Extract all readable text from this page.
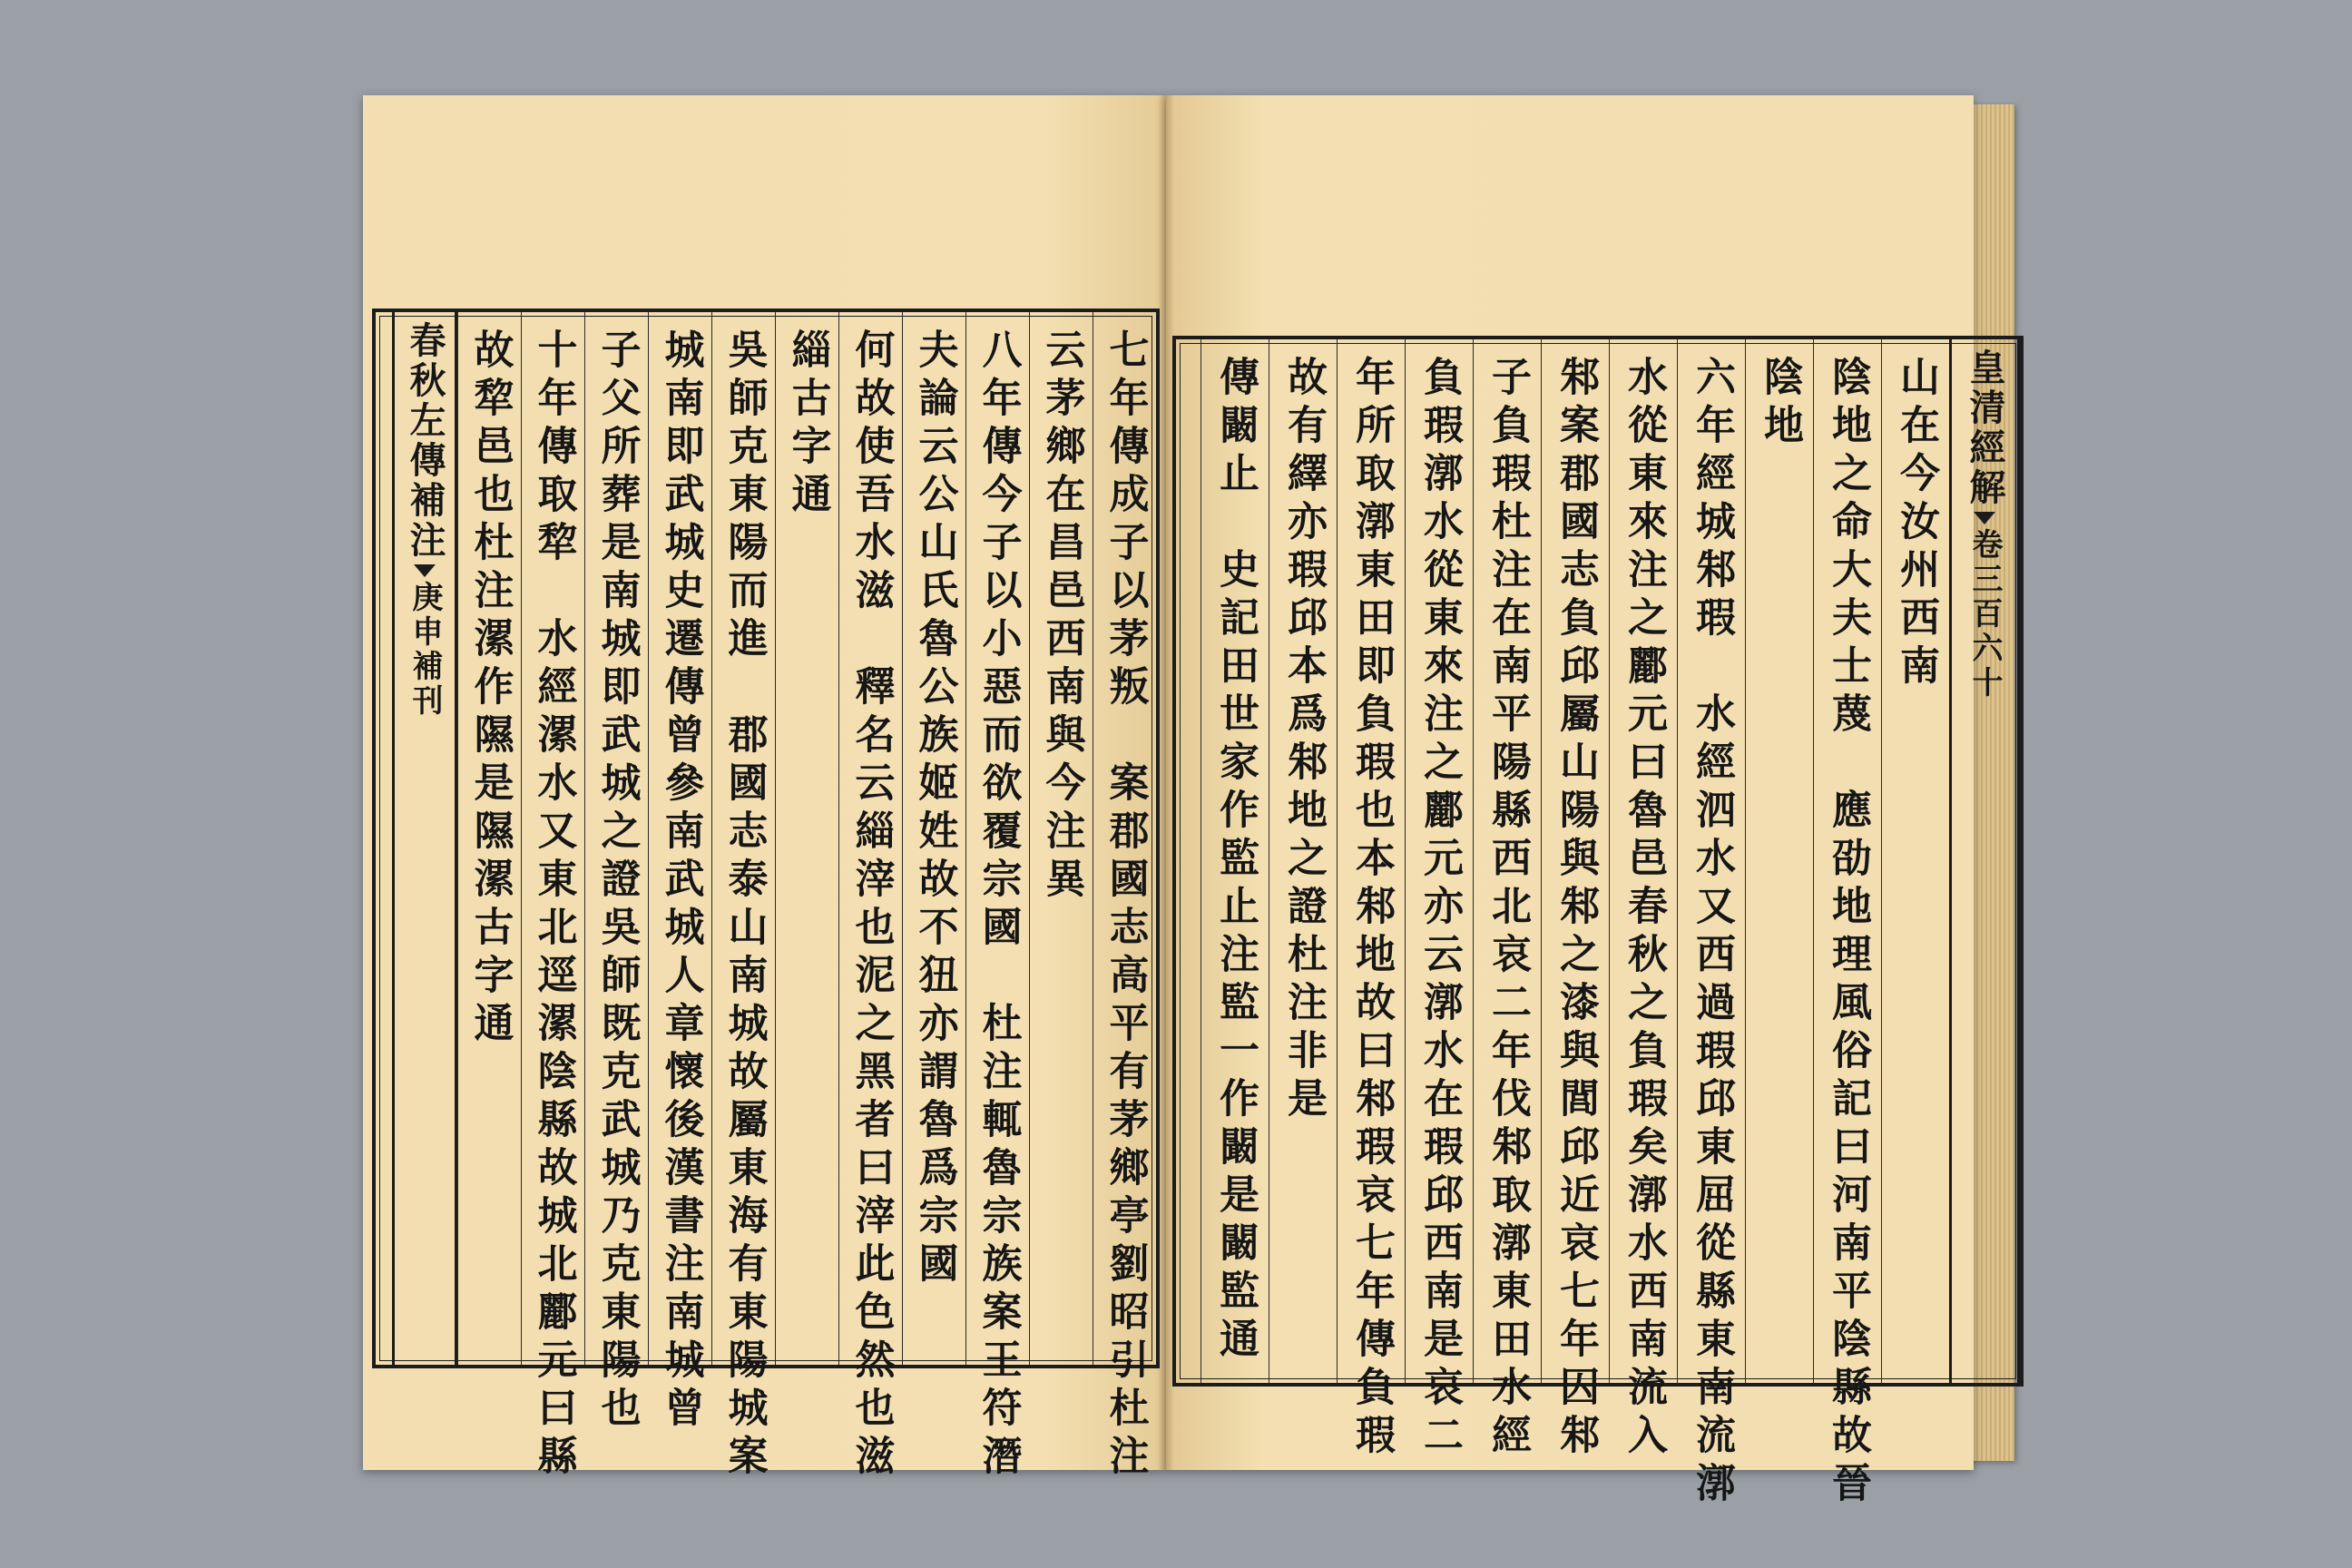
七年傳成子以茅叛　案郡國志高平有茅鄉亭劉昭引杜注
云茅鄉在昌邑西南與今注異
八年傳今子以小惡而欲覆宗國　杜注輒魯宗族案王符潛
夫論云公山氏魯公族姬姓故不狃亦謂魯爲宗國
何故使吾水滋　釋名云緇滓也泥之黑者曰滓此色然也滋
緇古字通
吳師克東陽而進　郡國志泰山南城故屬東海有東陽城案
城南即武城史遷傳曾參南武城人章懷後漢書注南城曾
子父所葬是南城即武城之證吳師既克武城乃克東陽也
十年傳取犂　水經漯水又東北逕漯陰縣故城北酈元曰縣
故犂邑也杜注漯作隰是隰漯古字通
春秋左傳補注
庚申補刊
皇清經解
卷三百六十
山在今汝州西南
陰地之命大夫士蔑　應劭地理風俗記曰河南平陰縣故晉
陰地
六年經城邾瑕　水經泗水又西過瑕邱東屈從縣東南流漷
水從東來注之酈元曰魯邑春秋之負瑕矣漷水西南流入
邾案郡國志負邱屬山陽與邾之漆與閭邱近哀七年囚邾
子負瑕杜注在南平陽縣西北哀二年伐邾取漷東田水經
負瑕漷水從東來注之酈元亦云漷水在瑕邱西南是哀二
年所取漷東田即負瑕也本邾地故曰邾瑕哀七年傳負瑕
故有繹亦瑕邱本爲邾地之證杜注非是
傳闞止　史記田世家作監止注監一作闞是闞監通
